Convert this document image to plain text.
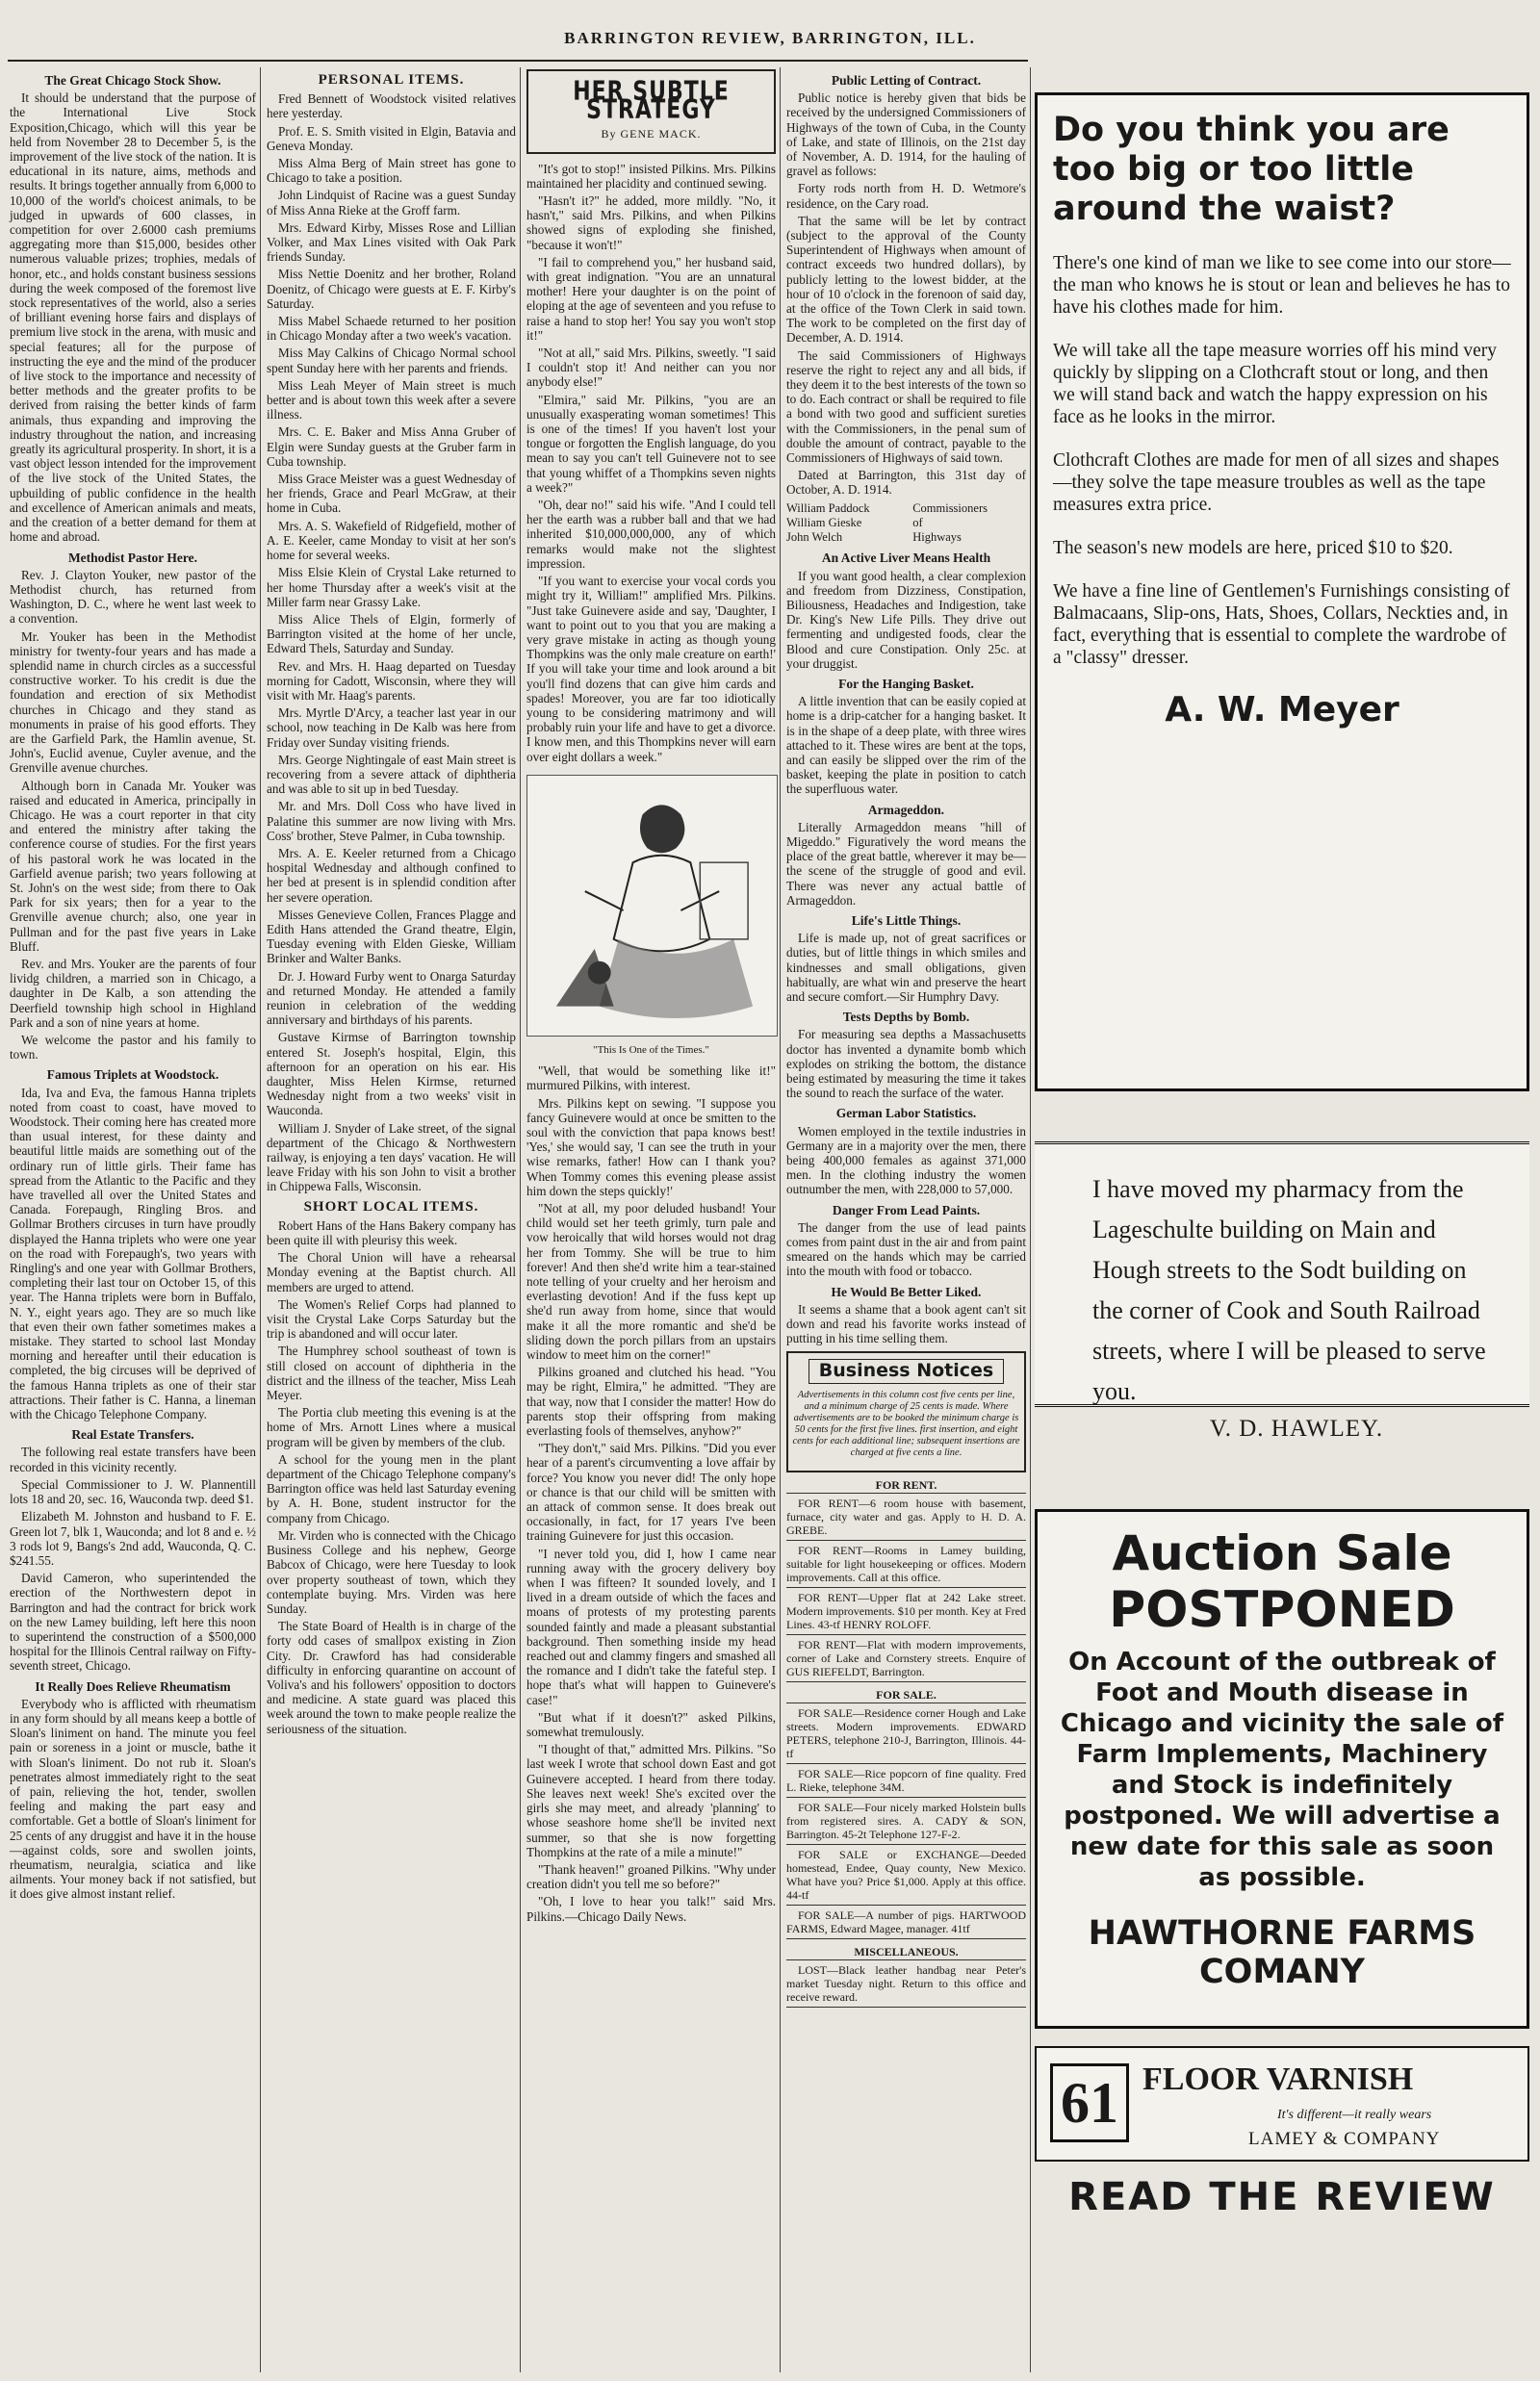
BARRINGTON REVIEW, BARRINGTON, ILL.
The Great Chicago Stock Show.

It should be understand that the purpose of the International Live Stock Exposition,Chicago, which will this year be held from November 28 to December 5, is the improvement of the live stock of the nation. It is educational in its nature, aims, methods and results. It brings together annually from 6,000 to 10,000 of the world's choicest animals, to be judged in upwards of 600 classes, in competition for over 2.6000 cash premiums aggregating more than $15,000, besides other numerous valuable prizes; trophies, medals of honor, etc., and holds constant business sessions during the week composed of the foremost live stock representatives of the world, also a series of brilliant evening horse fairs and displays of premium live stock in the arena, with music and special features; all for the purpose of instructing the eye and the mind of the producer of live stock to the importance and necessity of better methods and the greater profits to be derived from raising the better kinds of farm animals, thus expanding and improving the industry throughout the nation, and increasing greatly its agricultural prosperity. In short, it is a vast object lesson intended for the improvement of the live stock of the United States, the upbuilding of public confidence in the health and excellence of American animals and meats, and the creation of a better demand for them at home and abroad.

Methodist Pastor Here.

Rev. J. Clayton Youker, new pastor of the Methodist church, has returned from Washington, D. C., where he went last week to a convention.

Mr. Youker has been in the Methodist ministry for twenty-four years and has made a splendid name in church circles as a successful constructive worker. To his credit is due the foundation and erection of six Methodist churches in Chicago and they stand as monuments in praise of his good efforts. They are the Garfield Park, the Hamlin avenue, St. John's, Euclid avenue, Cuyler avenue, and the Grenville avenue churches.

Although born in Canada Mr. Youker was raised and educated in America, principally in Chicago. He was a court reporter in that city and entered the ministry after taking the conference course of studies. For the first years of his pastoral work he was located in the Garfield avenue parish; two years following at St. John's on the west side; from there to Oak Park for six years; then for a year to the Grenville avenue church; also, one year in Pullman and for the past five years in Lake Bluff.

Rev. and Mrs. Youker are the parents of four lividg children, a married son in Chicago, a daughter in De Kalb, a son attending the Deerfield township high school in Highland Park and a son of nine years at home.

We welcome the pastor and his family to town.

Famous Triplets at Woodstock.

Ida, Iva and Eva, the famous Hanna triplets noted from coast to coast, have moved to Woodstock. Their coming here has created more than usual interest, for these dainty and beautiful little maids are something out of the ordinary run of little girls. Their fame has spread from the Atlantic to the Pacific and they have travelled all over the United States and Canada. Forepaugh, Ringling Bros. and Gollmar Brothers circuses in turn have proudly displayed the Hanna triplets who were one year on the road with Forepaugh's, two years with Ringling's and one year with Gollmar Brothers, completing their last tour on October 15, of this year. The Hanna triplets were born in Buffalo, N. Y., eight years ago. They are so much like that even their own father sometimes makes a mistake. They started to school last Monday morning and hereafter until their education is completed, the big circuses will be deprived of the famous Hanna triplets as one of their star attractions. Their father is C. Hanna, a lineman with the Chicago Telephone Company.

Real Estate Transfers.

The following real estate transfers have been recorded in this vicinity recently.

Special Commissioner to J. W. Plannentill lots 18 and 20, sec. 16, Wauconda twp. deed $1.

Elizabeth M. Johnston and husband to F. E. Green lot 7, blk 1, Wauconda; and lot 8 and e. ½ 3 rods lot 9, Bangs's 2nd add, Wauconda, Q. C. $241.55.

David Cameron, who superintended the erection of the Northwestern depot in Barrington and had the contract for brick work on the new Lamey building, left here this noon to superintend the construction of a $500,000 hospital for the Illinois Central railway on Fifty-seventh street, Chicago.

It Really Does Relieve Rheumatism

Everybody who is afflicted with rheumatism in any form should by all means keep a bottle of Sloan's liniment on hand. The minute you feel pain or soreness in a joint or muscle, bathe it with Sloan's liniment. Do not rub it. Sloan's penetrates almost immediately right to the seat of pain, relieving the hot, tender, swollen feeling and making the part easy and comfortable. Get a bottle of Sloan's liniment for 25 cents of any druggist and have it in the house—against colds, sore and swollen joints, rheumatism, neuralgia, sciatica and like ailments. Your money back if not satisfied, but it does give almost instant relief.

PERSONAL ITEMS.

Fred Bennett of Woodstock visited relatives here yesterday.

Prof. E. S. Smith visited in Elgin, Batavia and Geneva Monday.

Miss Alma Berg of Main street has gone to Chicago to take a position.

John Lindquist of Racine was a guest Sunday of Miss Anna Rieke at the Groff farm.

Mrs. Edward Kirby, Misses Rose and Lillian Volker, and Max Lines visited with Oak Park friends Sunday.

Miss Nettie Doenitz and her brother, Roland Doenitz, of Chicago were guests at E. F. Kirby's Saturday.

Miss Mabel Schaede returned to her position in Chicago Monday after a two week's vacation.

Miss May Calkins of Chicago Normal school spent Sunday here with her parents and friends.

Miss Leah Meyer of Main street is much better and is about town this week after a severe illness.

Mrs. C. E. Baker and Miss Anna Gruber of Elgin were Sunday guests at the Gruber farm in Cuba township.

Miss Grace Meister was a guest Wednesday of her friends, Grace and Pearl McGraw, at their home in Cuba.

Mrs. A. S. Wakefield of Ridgefield, mother of A. E. Keeler, came Monday to visit at her son's home for several weeks.

Miss Elsie Klein of Crystal Lake returned to her home Thursday after a week's visit at the Miller farm near Grassy Lake.

Miss Alice Thels of Elgin, formerly of Barrington visited at the home of her uncle, Edward Thels, Saturday and Sunday.

Rev. and Mrs. H. Haag departed on Tuesday morning for Cadott, Wisconsin, where they will visit with Mr. Haag's parents.

Mrs. Myrtle D'Arcy, a teacher last year in our school, now teaching in De Kalb was here from Friday over Sunday visiting friends.

Mrs. George Nightingale of east Main street is recovering from a severe attack of diphtheria and was able to sit up in bed Tuesday.

Mr. and Mrs. Doll Coss who have lived in Palatine this summer are now living with Mrs. Coss' brother, Steve Palmer, in Cuba township.

Mrs. A. E. Keeler returned from a Chicago hospital Wednesday and although confined to her bed at present is in splendid condition after her severe operation.

Misses Genevieve Collen, Frances Plagge and Edith Hans attended the Grand theatre, Elgin, Tuesday evening with Elden Gieske, William Brinker and Walter Banks.

Dr. J. Howard Furby went to Onarga Saturday and returned Monday. He attended a family reunion in celebration of the wedding anniversary and birthdays of his parents.

Gustave Kirmse of Barrington township entered St. Joseph's hospital, Elgin, this afternoon for an operation on his ear. His daughter, Miss Helen Kirmse, returned Wednesday night from a two weeks' visit in Wauconda.

William J. Snyder of Lake street, of the signal department of the Chicago & Northwestern railway, is enjoying a ten days' vacation. He will leave Friday with his son John to visit a brother in Chippewa Falls, Wisconsin.

SHORT LOCAL ITEMS.

Robert Hans of the Hans Bakery company has been quite ill with pleurisy this week.

The Choral Union will have a rehearsal Monday evening at the Baptist church. All members are urged to attend.

The Women's Relief Corps had planned to visit the Crystal Lake Corps Saturday but the trip is abandoned and will occur later.

The Humphrey school southeast of town is still closed on account of diphtheria in the district and the illness of the teacher, Miss Leah Meyer.

The Portia club meeting this evening is at the home of Mrs. Arnott Lines where a musical program will be given by members of the club.

A school for the young men in the plant department of the Chicago Telephone company's Barrington office was held last Saturday evening by A. H. Bone, student instructor for the company from Chicago.

Mr. Virden who is connected with the Chicago Business College and his nephew, George Babcox of Chicago, were here Tuesday to look over property southeast of town, which they contemplate buying. Mrs. Virden was here Sunday.

The State Board of Health is in charge of the forty odd cases of smallpox existing in Zion City. Dr. Crawford has had considerable difficulty in enforcing quarantine on account of Voliva's and his followers' opposition to doctors and medicine. A state guard was placed this week around the town to make people realize the seriousness of the situation.

HER SUBTLE STRATEGY
By GENE MACK.

"It's got to stop!" insisted Pilkins. Mrs. Pilkins maintained her placidity and continued sewing.

"Hasn't it?" he added, more mildly. "No, it hasn't," said Mrs. Pilkins, and when Pilkins showed signs of exploding she finished, "because it won't!"

"I fail to comprehend you," her husband said, with great indignation. "You are an unnatural mother! Here your daughter is on the point of eloping at the age of seventeen and you refuse to raise a hand to stop her! You say you won't stop it!"

"Not at all," said Mrs. Pilkins, sweetly. "I said I couldn't stop it! And neither can you nor anybody else!"

"Elmira," said Mr. Pilkins, "you are an unusually exasperating woman sometimes! This is one of the times! If you haven't lost your tongue or forgotten the English language, do you mean to say you can't tell Guinevere not to see that young whiffet of a Thompkins seven nights a week?"

"Oh, dear no!" said his wife. "And I could tell her the earth was a rubber ball and that we had inherited $10,000,000,000, any of which remarks would make not the slightest impression.

"If you want to exercise your vocal cords you might try it, William!" amplified Mrs. Pilkins. "Just take Guinevere aside and say, 'Daughter, I want to point out to you that you are making a very grave mistake in acting as though young Thompkins was the only male creature on earth!' If you will take your time and look around a bit you'll find dozens that can give him cards and spades! Moreover, you are far too idiotically young to be considering matrimony and will probably ruin your life and have to get a divorce. I know men, and this Thompkins never will earn over eight dollars a week."

"This Is One of the Times."

"Well, that would be something like it!" murmured Pilkins, with interest.

Mrs. Pilkins kept on sewing. "I suppose you fancy Guinevere would at once be smitten to the soul with the conviction that papa knows best! 'Yes,' she would say, 'I can see the truth in your wise remarks, father! How can I thank you? When Tommy comes this evening please assist him down the steps quickly!'

"Not at all, my poor deluded husband! Your child would set her teeth grimly, turn pale and vow heroically that wild horses would not drag her from Tommy. She will be true to him forever! And then she'd write him a tear-stained note telling of your cruelty and her heroism and everlasting devotion! And if the fuss kept up she'd run away from home, since that would make it all the more romantic and she'd be sliding down the porch pillars from an upstairs window to meet him on the corner!"

Pilkins groaned and clutched his head. "You may be right, Elmira," he admitted. "They are that way, now that I consider the matter! How do parents stop their offspring from making everlasting fools of themselves, anyhow?"

"They don't," said Mrs. Pilkins. "Did you ever hear of a parent's circumventing a love affair by force? You know you never did! The only hope or chance is that our child will be smitten with an attack of common sense. It does break out occasionally, in fact, for 17 years I've been training Guinevere for just this occasion.

"I never told you, did I, how I came near running away with the grocery delivery boy when I was fifteen? It sounded lovely, and I lived in a dream outside of which the faces and moans of protests of my protesting parents sounded faintly and made a pleasant substantial background. Then something inside my head reached out and clammy fingers and smashed all the romance and I didn't take the fateful step. I hope that's what will happen to Guinevere's case!"

"But what if it doesn't?" asked Pilkins, somewhat tremulously.

"I thought of that," admitted Mrs. Pilkins. "So last week I wrote that school down East and got Guinevere accepted. I heard from there today. She leaves next week! She's excited over the girls she may meet, and already 'planning' to whose seashore home she'll be invited next summer, so that she is now forgetting Thompkins at the rate of a mile a minute!"

"Thank heaven!" groaned Pilkins. "Why under creation didn't you tell me so before?"

"Oh, I love to hear you talk!" said Mrs. Pilkins.—Chicago Daily News.

Public Letting of Contract.

Public notice is hereby given that bids be received by the undersigned Commissioners of Highways of the town of Cuba, in the County of Lake, and state of Illinois, on the 21st day of November, A. D. 1914, for the hauling of gravel as follows:

Forty rods north from H. D. Wetmore's residence, on the Cary road.

That the same will be let by contract (subject to the approval of the County Superintendent of Highways when amount of contract exceeds two hundred dollars), by publicly letting to the lowest bidder, at the hour of 10 o'clock in the forenoon of said day, at the office of the Town Clerk in said town. The work to be completed on the first day of December, A. D. 1914.

The said Commissioners of Highways reserve the right to reject any and all bids, if they deem it to the best interests of the town so to do. Each contract or shall be required to file a bond with two good and sufficient sureties with the Commissioners, in the penal sum of double the amount of contract, payable to the Commissioners of Highways of said town.

Dated at Barrington, this 31st day of October, A. D. 1914.

William Paddock	Commissioners
William Gieske	of
John Welch	Highways
An Active Liver Means Health

If you want good health, a clear complexion and freedom from Dizziness, Constipation, Biliousness, Headaches and Indigestion, take Dr. King's New Life Pills. They drive out fermenting and undigested foods, clear the Blood and cure Constipation. Only 25c. at your druggist.

For the Hanging Basket.

A little invention that can be easily copied at home is a drip-catcher for a hanging basket. It is in the shape of a deep plate, with three wires attached to it. These wires are bent at the tops, and can easily be slipped over the rim of the basket, keeping the plate in position to catch the superfluous water.

Armageddon.

Literally Armageddon means "hill of Migeddo." Figuratively the word means the place of the great battle, wherever it may be—the scene of the struggle of good and evil. There was never any actual battle of Armageddon.

Life's Little Things.

Life is made up, not of great sacrifices or duties, but of little things in which smiles and kindnesses and small obligations, given habitually, are what win and preserve the heart and secure comfort.—Sir Humphry Davy.

Tests Depths by Bomb.

For measuring sea depths a Massachusetts doctor has invented a dynamite bomb which explodes on striking the bottom, the distance being estimated by measuring the time it takes the sound to reach the surface of the water.

German Labor Statistics.

Women employed in the textile industries in Germany are in a majority over the men, there being 400,000 females as against 371,000 men. In the clothing industry the women outnumber the men, with 228,000 to 57,000.

Danger From Lead Paints.

The danger from the use of lead paints comes from paint dust in the air and from paint smeared on the hands which may be carried into the mouth with food or tobacco.

He Would Be Better Liked.

It seems a shame that a book agent can't sit down and read his favorite works instead of putting in his time selling them.

Business Notices
Advertisements in this column cost five cents per line, and a minimum charge of 25 cents is made. Where advertisements are to be booked the minimum charge is 50 cents for the first five lines. first insertion, and eight cents for each additional line; subsequent insertions are charged at five cents a line.
FOR RENT.

FOR RENT—6 room house with basement, furnace, city water and gas. Apply to H. D. A. GREBE.

FOR RENT—Rooms in Lamey building, suitable for light housekeeping or offices. Modern improvements. Call at this office.

FOR RENT—Upper flat at 242 Lake street. Modern improvements. $10 per month. Key at Fred Lines. 43-tf HENRY ROLOFF.

FOR RENT—Flat with modern improvements, corner of Lake and Cornstery streets. Enquire of GUS RIEFELDT, Barrington.

FOR SALE.

FOR SALE—Residence corner Hough and Lake streets. Modern improvements. EDWARD PETERS, telephone 210-J, Barrington, Illinois. 44-tf

FOR SALE—Rice popcorn of fine quality. Fred L. Rieke, telephone 34M.

FOR SALE—Four nicely marked Holstein bulls from registered sires. A. CADY & SON, Barrington. 45-2t Telephone 127-F-2.

FOR SALE or EXCHANGE—Deeded homestead, Endee, Quay county, New Mexico. What have you? Price $1,000. Apply at this office. 44-tf

FOR SALE—A number of pigs. HARTWOOD FARMS, Edward Magee, manager. 41tf

MISCELLANEOUS.

LOST—Black leather handbag near Peter's market Tuesday night. Return to this office and receive reward.

Do you think you are too big or too little around the waist?

There's one kind of man we like to see come into our store—the man who knows he is stout or lean and believes he has to have his clothes made for him.

We will take all the tape measure worries off his mind very quickly by slipping on a Clothcraft stout or long, and then we will stand back and watch the happy expression on his face as he looks in the mirror.

Clothcraft Clothes are made for men of all sizes and shapes—they solve the tape measure troubles as well as the tape measures extra price.

The season's new models are here, priced $10 to $20.

We have a fine line of Gentlemen's Furnishings consisting of Balmacaans, Slip-ons, Hats, Shoes, Collars, Neckties and, in fact, everything that is essential to complete the wardrobe of a "classy" dresser.

A. W. Meyer

I have moved my pharmacy from the Lageschulte building on Main and Hough streets to the Sodt building on the corner of Cook and South Railroad streets, where I will be pleased to serve you.

V. D. HAWLEY.
Auction Sale
POSTPONED
On Account of the outbreak of Foot and Mouth disease in Chicago and vicinity the sale of Farm Implements, Machinery and Stock is indefinitely postponed. We will advertise a new date for this sale as soon as possible.
HAWTHORNE FARMS COMANY
61 FLOOR VARNISH
It's different—it really wears
LAMEY & COMPANY
READ THE REVIEW
